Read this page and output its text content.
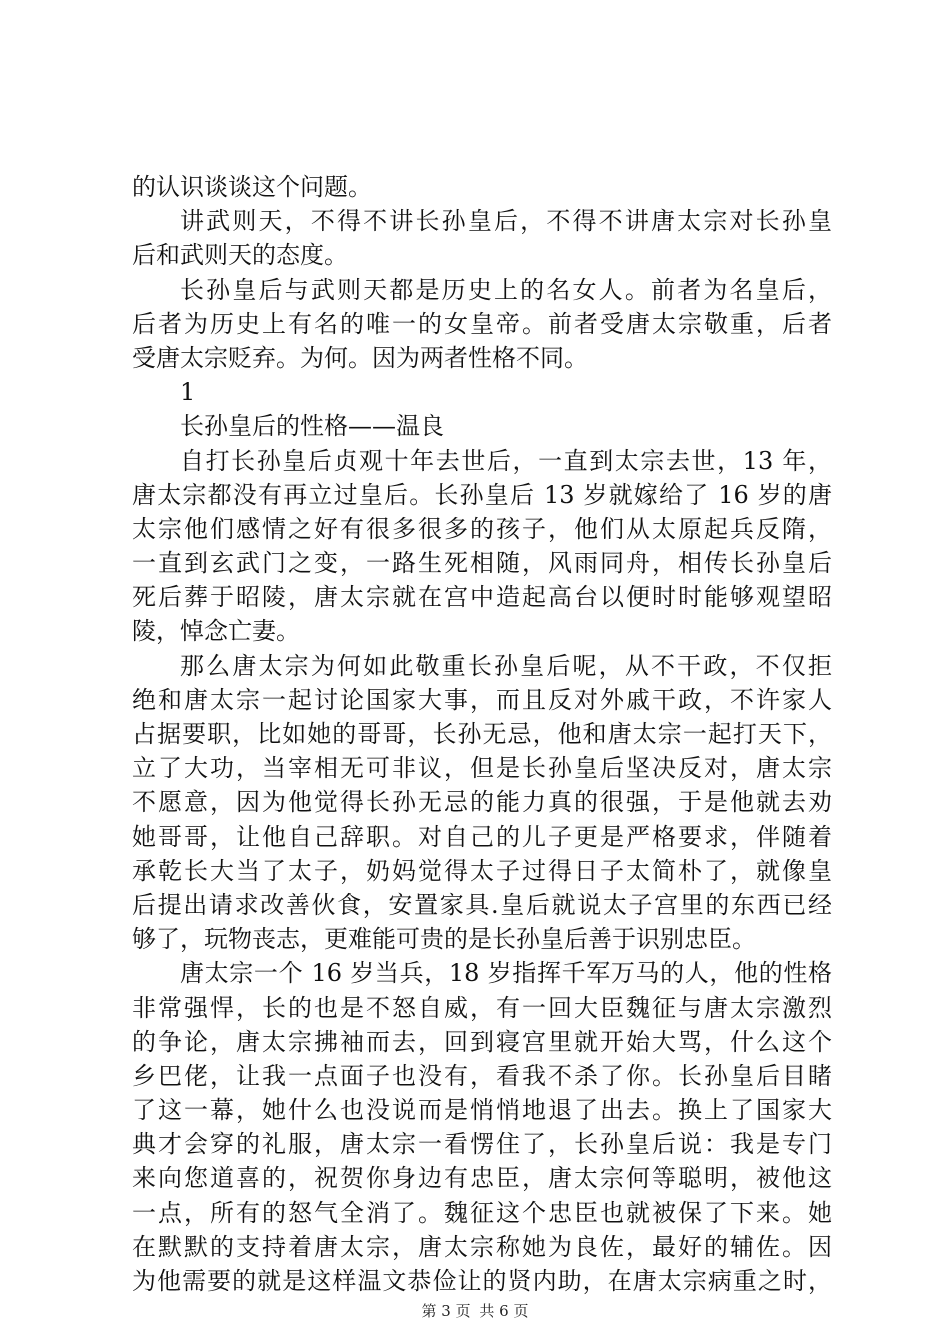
的认识谈谈这个问题。
讲武则天，不得不讲长孙皇后，不得不讲唐太宗对长孙皇
后和武则天的态度。
长孙皇后与武则天都是历史上的名女人。前者为名皇后，
后者为历史上有名的唯一的女皇帝。前者受唐太宗敬重，后者
受唐太宗贬弃。为何。因为两者性格不同。
1
长孙皇后的性格——温良
自打长孙皇后贞观十年去世后，一直到太宗去世，13 年，
唐太宗都没有再立过皇后。长孙皇后 13 岁就嫁给了 16 岁的唐
太宗他们感情之好有很多很多的孩子，他们从太原起兵反隋，
一直到玄武门之变，一路生死相随，风雨同舟，相传长孙皇后
死后葬于昭陵，唐太宗就在宫中造起高台以便时时能够观望昭
陵，悼念亡妻。
那么唐太宗为何如此敬重长孙皇后呢，从不干政，不仅拒
绝和唐太宗一起讨论国家大事，而且反对外戚干政，不许家人
占据要职，比如她的哥哥，长孙无忌，他和唐太宗一起打天下，
立了大功，当宰相无可非议，但是长孙皇后坚决反对，唐太宗
不愿意，因为他觉得长孙无忌的能力真的很强，于是他就去劝
她哥哥，让他自己辞职。对自己的儿子更是严格要求，伴随着
承乾长大当了太子，奶妈觉得太子过得日子太简朴了，就像皇
后提出请求改善伙食，安置家具.皇后就说太子宫里的东西已经
够了，玩物丧志，更难能可贵的是长孙皇后善于识别忠臣。
唐太宗一个 16 岁当兵，18 岁指挥千军万马的人，他的性格
非常强悍，长的也是不怒自威，有一回大臣魏征与唐太宗激烈
的争论，唐太宗拂袖而去，回到寝宫里就开始大骂，什么这个
乡巴佬，让我一点面子也没有，看我不杀了你。长孙皇后目睹
了这一幕，她什么也没说而是悄悄地退了出去。换上了国家大
典才会穿的礼服，唐太宗一看愣住了，长孙皇后说：我是专门
来向您道喜的，祝贺你身边有忠臣，唐太宗何等聪明，被他这
一点，所有的怒气全消了。魏征这个忠臣也就被保了下来。她
在默默的支持着唐太宗，唐太宗称她为良佐，最好的辅佐。因
为他需要的就是这样温文恭俭让的贤内助，在唐太宗病重之时，
第 3 页 共 6 页
